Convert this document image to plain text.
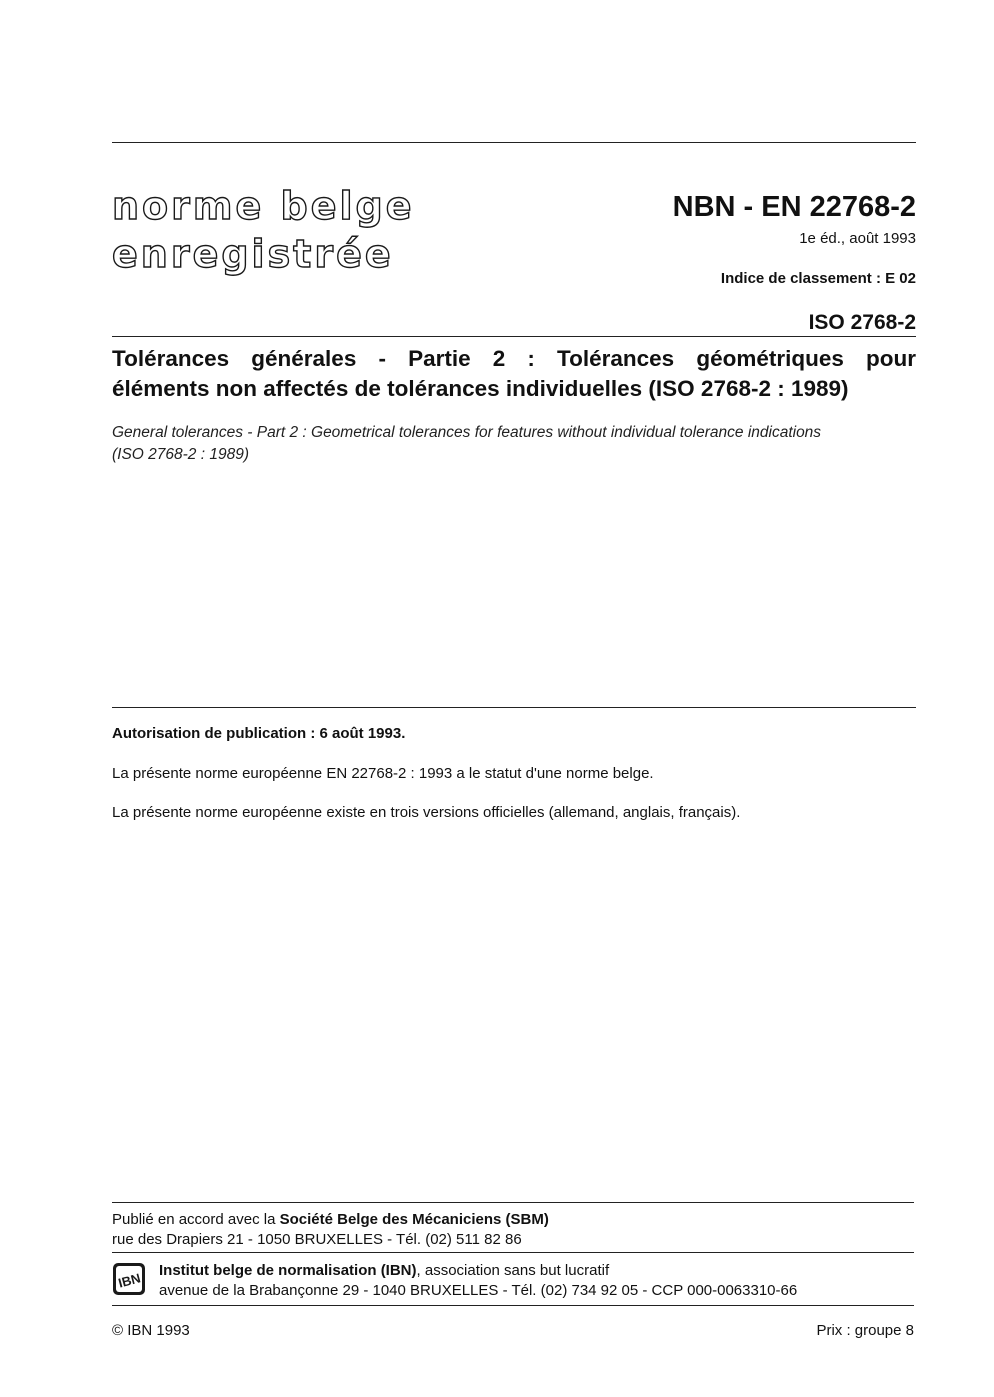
norme belge
enregistrée
NBN - EN 22768-2
1e éd., août 1993
Indice de classement : E 02
ISO 2768-2
Tolérances générales - Partie 2 : Tolérances géométriques pour
éléments non affectés de tolérances individuelles (ISO 2768-2 : 1989)
General tolerances - Part 2 : Geometrical tolerances for features without individual tolerance indications
(ISO 2768-2 : 1989)
Autorisation de publication : 6 août 1993.
La présente norme européenne EN 22768-2 : 1993 a le statut d'une norme belge.
La présente norme européenne existe en trois versions officielles (allemand, anglais, français).
Publié en accord avec la Société Belge des Mécaniciens (SBM)
rue des Drapiers 21 - 1050 BRUXELLES - Tél. (02) 511 82 86
IBN Institut belge de normalisation (IBN), association sans but lucratif
avenue de la Brabançonne 29 - 1040 BRUXELLES - Tél. (02) 734 92 05 - CCP 000-0063310-66
© IBN 1993	Prix : groupe 8
